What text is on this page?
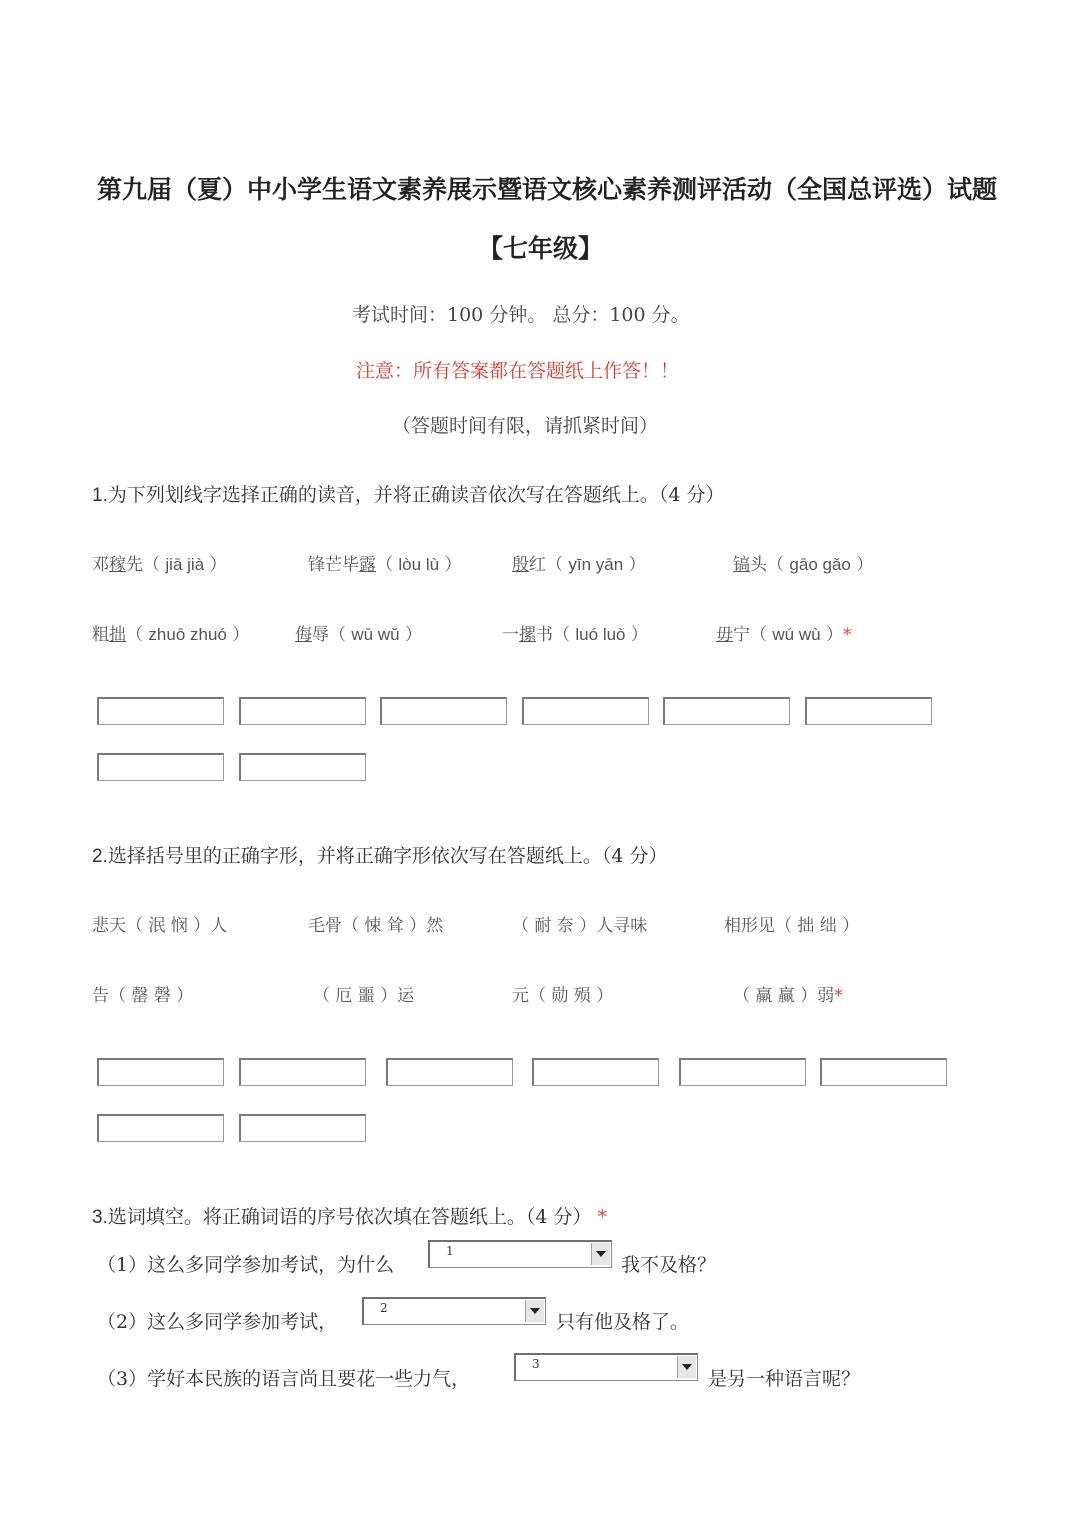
第九届（夏）中小学生语文素养展示暨语文核心素养测评活动（全国总评选）试题
【七年级】
考试时间：100 分钟。 总分：100 分。
注意：所有答案都在答题纸上作答！！
（答题时间有限，请抓紧时间）
1.为下列划线字选择正确的读音，并将正确读音依次写在答题纸上。（4 分）
邓稼先（ jiā jià ）	锋芒毕露（ lòu lù ）	殷红（ yīn yān ）	镐头（ gāo gǎo ）
粗拙（ zhuō zhuó ）	侮辱（ wū wǔ ）	一摞书（ luó luò ）	毋宁（ wú wù ）*
2.选择括号里的正确字形，并将正确字形依次写在答题纸上。（4 分）
悲天（ 泯 悯 ）人	毛骨（ 悚 耸 ）然	（ 耐 奈 ）人寻味	相形见（ 拙 绌 ）
告（ 罄 磬 ）	（ 厄 噩 ）运	元（ 勋 殒 ）	（ 羸 赢 ）弱*
3.选词填空。将正确词语的序号依次填在答题纸上。（4 分） *
（1）这么多同学参加考试，为什么
1
我不及格？
（2）这么多同学参加考试，
2
只有他及格了。
（3）学好本民族的语言尚且要花一些力气，
3
是另一种语言呢？
